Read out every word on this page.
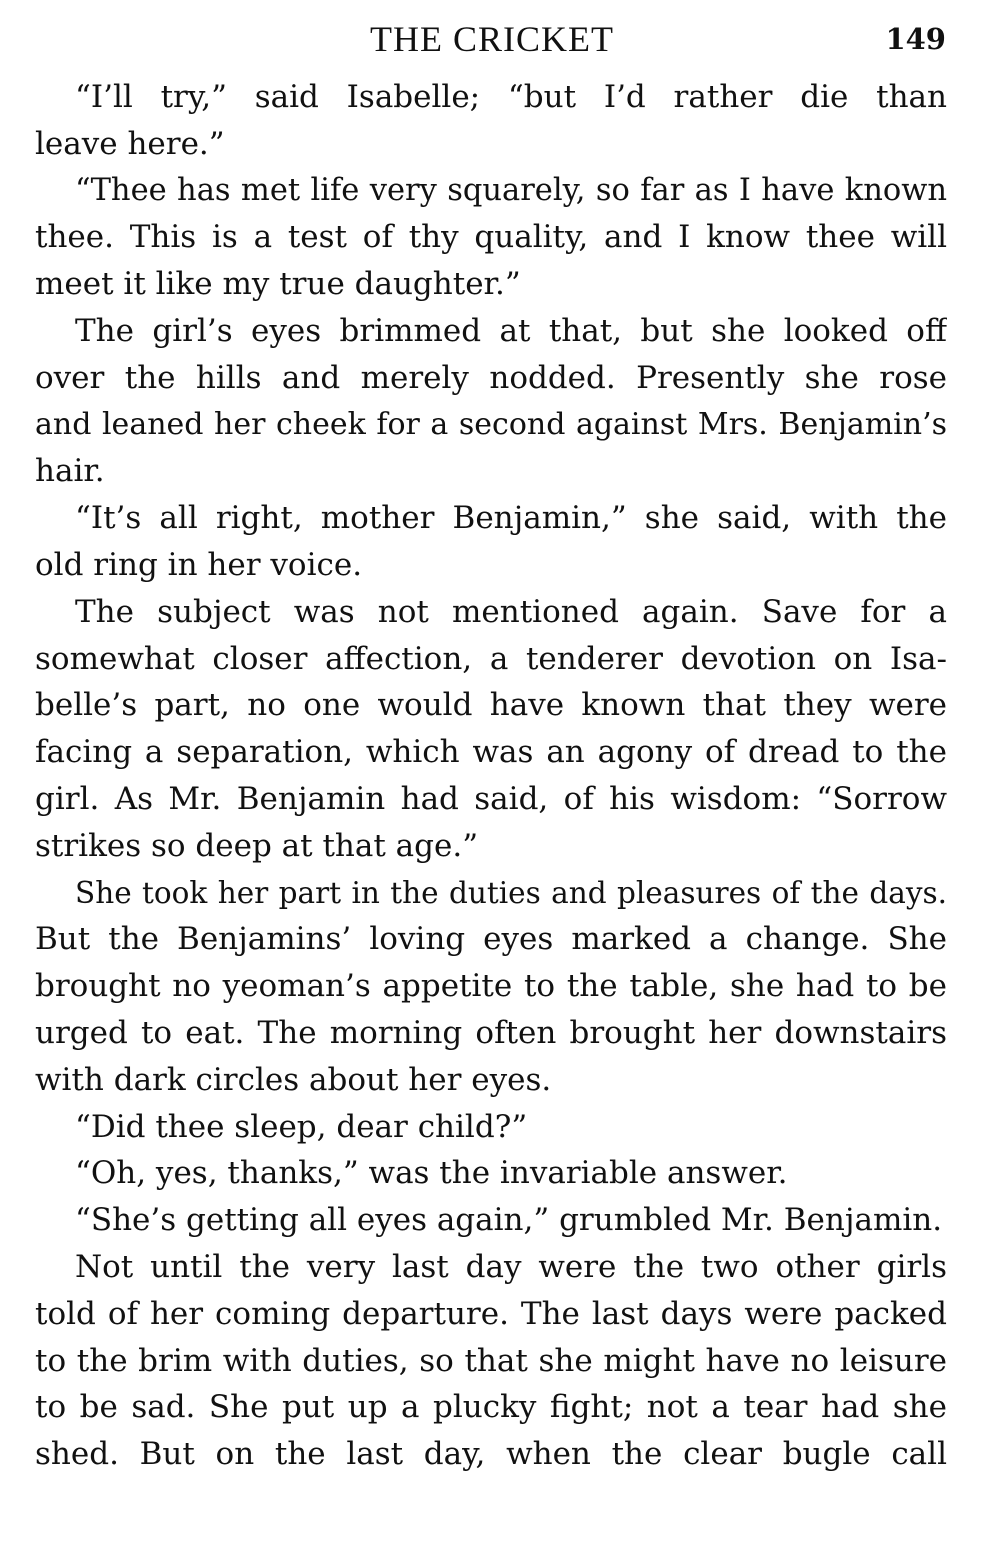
THE CRICKET	149
“I’ll try,” said Isabelle; “but I’d rather die than
leave here.”
“Thee has met life very squarely, so far as I have known
thee. This is a test of thy quality, and I know thee will
meet it like my true daughter.”
The girl’s eyes brimmed at that, but she looked off
over the hills and merely nodded. Presently she rose
and leaned her cheek for a second against Mrs. Benjamin’s
hair.
“It’s all right, mother Benjamin,” she said, with the
old ring in her voice.
The subject was not mentioned again. Save for a
somewhat closer affection, a tenderer devotion on Isa-
belle’s part, no one would have known that they were
facing a separation, which was an agony of dread to the
girl. As Mr. Benjamin had said, of his wisdom: “Sorrow
strikes so deep at that age.”
She took her part in the duties and pleasures of the days.
But the Benjamins’ loving eyes marked a change. She
brought no yeoman’s appetite to the table, she had to be
urged to eat. The morning often brought her downstairs
with dark circles about her eyes.
“Did thee sleep, dear child?”
“Oh, yes, thanks,” was the invariable answer.
“She’s getting all eyes again,” grumbled Mr. Benjamin.
Not until the very last day were the two other girls
told of her coming departure. The last days were packed
to the brim with duties, so that she might have no leisure
to be sad. She put up a plucky fight; not a tear had she
shed. But on the last day, when the clear bugle call
